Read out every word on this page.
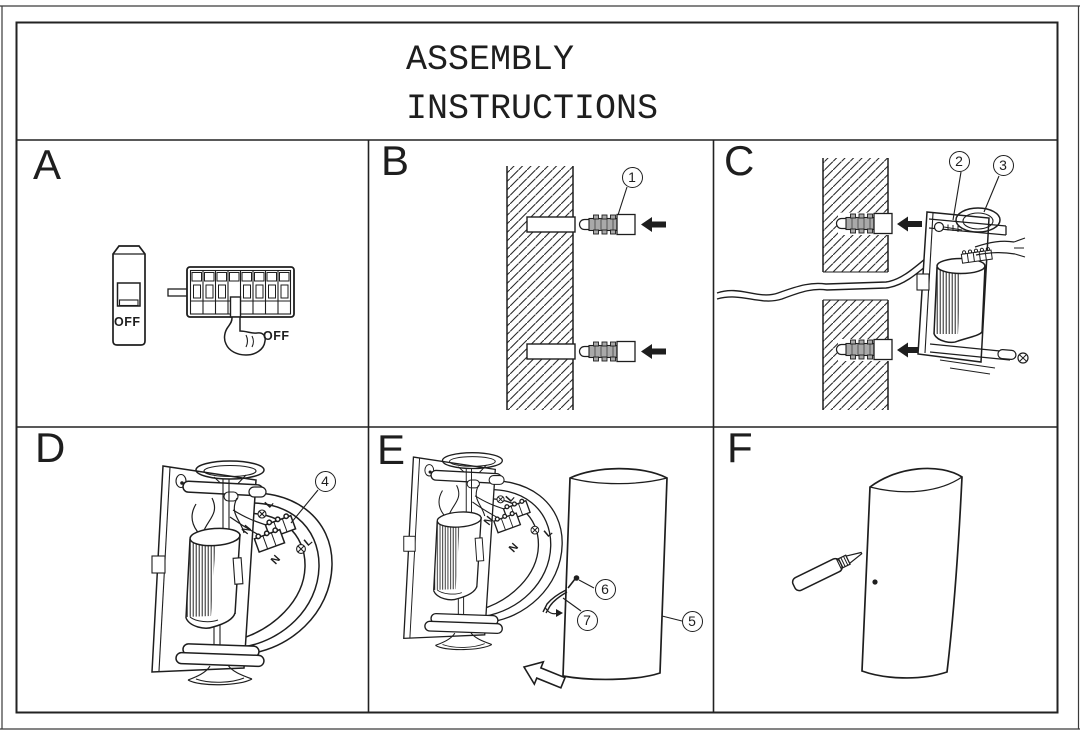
ASSEMBLY
INSTRUCTIONS
A	B	C
D	E	F
OFF
OFF
1
2	3
4
5
6
7
L
N
N
L
L
N
N
L
